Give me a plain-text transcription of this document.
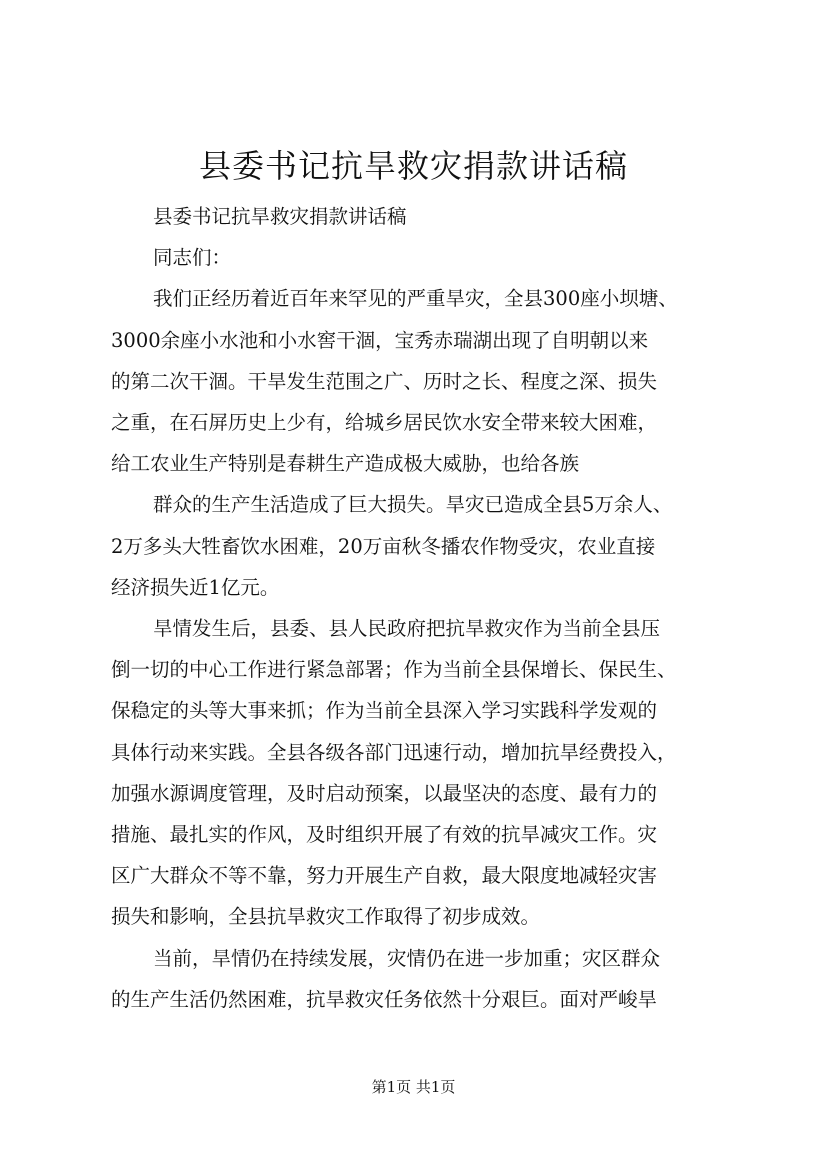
县委书记抗旱救灾捐款讲话稿
县委书记抗旱救灾捐款讲话稿
同志们：
我们正经历着近百年来罕见的严重旱灾，全县300座小坝塘、
3000余座小水池和小水窖干涸，宝秀赤瑞湖出现了自明朝以来
的第二次干涸。干旱发生范围之广、历时之长、程度之深、损失
之重，在石屏历史上少有，给城乡居民饮水安全带来较大困难，
给工农业生产特别是春耕生产造成极大威胁，也给各族
群众的生产生活造成了巨大损失。旱灾已造成全县5万余人、
2万多头大牲畜饮水困难，20万亩秋冬播农作物受灾，农业直接
经济损失近1亿元。
旱情发生后，县委、县人民政府把抗旱救灾作为当前全县压
倒一切的中心工作进行紧急部署；作为当前全县保增长、保民生、
保稳定的头等大事来抓；作为当前全县深入学习实践科学发观的
具体行动来实践。全县各级各部门迅速行动，增加抗旱经费投入，
加强水源调度管理，及时启动预案，以最坚决的态度、最有力的
措施、最扎实的作风，及时组织开展了有效的抗旱减灾工作。灾
区广大群众不等不靠，努力开展生产自救，最大限度地减轻灾害
损失和影响，全县抗旱救灾工作取得了初步成效。
当前，旱情仍在持续发展，灾情仍在进一步加重；灾区群众
的生产生活仍然困难，抗旱救灾任务依然十分艰巨。面对严峻旱
第1页 共1页
